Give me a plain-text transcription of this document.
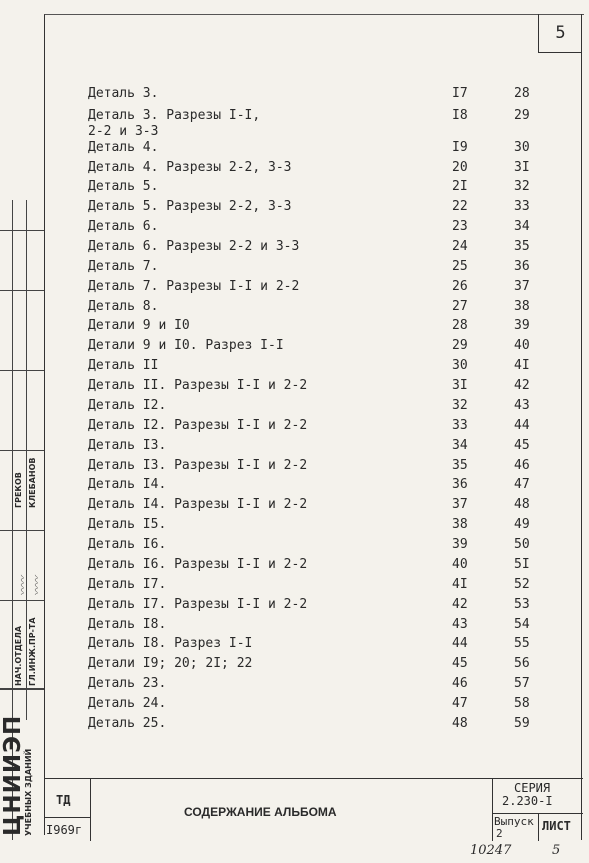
5
Деталь 3.	I7	28
Деталь 3. Разрезы I-I,
2-2 и 3-3
I8	29
Деталь 4.	I9	30
Деталь 4. Разрезы 2-2, 3-3	20	3I
Деталь 5.	2I	32
Деталь 5. Разрезы 2-2, 3-3	22	33
Деталь 6.	23	34
Деталь 6. Разрезы 2-2 и 3-3	24	35
Деталь 7.	25	36
Деталь 7. Разрезы I-I и 2-2	26	37
Деталь 8.	27	38
Детали 9 и I0	28	39
Детали 9 и I0. Разрез I-I	29	40
Деталь II	30	4I
Деталь II. Разрезы I-I и 2-2	3I	42
Деталь I2.	32	43
Деталь I2. Разрезы I-I и 2-2	33	44
Деталь I3.	34	45
Деталь I3. Разрезы I-I и 2-2	35	46
Деталь I4.	36	47
Деталь I4. Разрезы I-I и 2-2	37	48
Деталь I5.	38	49
Деталь I6.	39	50
Деталь I6. Разрезы I-I и 2-2	40	5I
Деталь I7.	4I	52
Деталь I7. Разрезы I-I и 2-2	42	53
Деталь I8.	43	54
Деталь I8. Разрез I-I	44	55
Детали I9; 20; 2I; 22	45	56
Деталь 23.	46	57
Деталь 24.	47	58
Деталь 25.	48	59
ЦНИИЭП
УЧЕБНЫХ ЗДАНИЙ
НАЧ.ОТДЕЛА ГЛ.ИНЖ.ПР-ТА
ГРЕКОВ КЛЕБАНОВ
〰〰 〰〰
ТД
I969г
СОДЕРЖАНИЕ АЛЬБОМА
СЕРИЯ
2.230-I
Выпуск
2
ЛИСТ
10247	5
